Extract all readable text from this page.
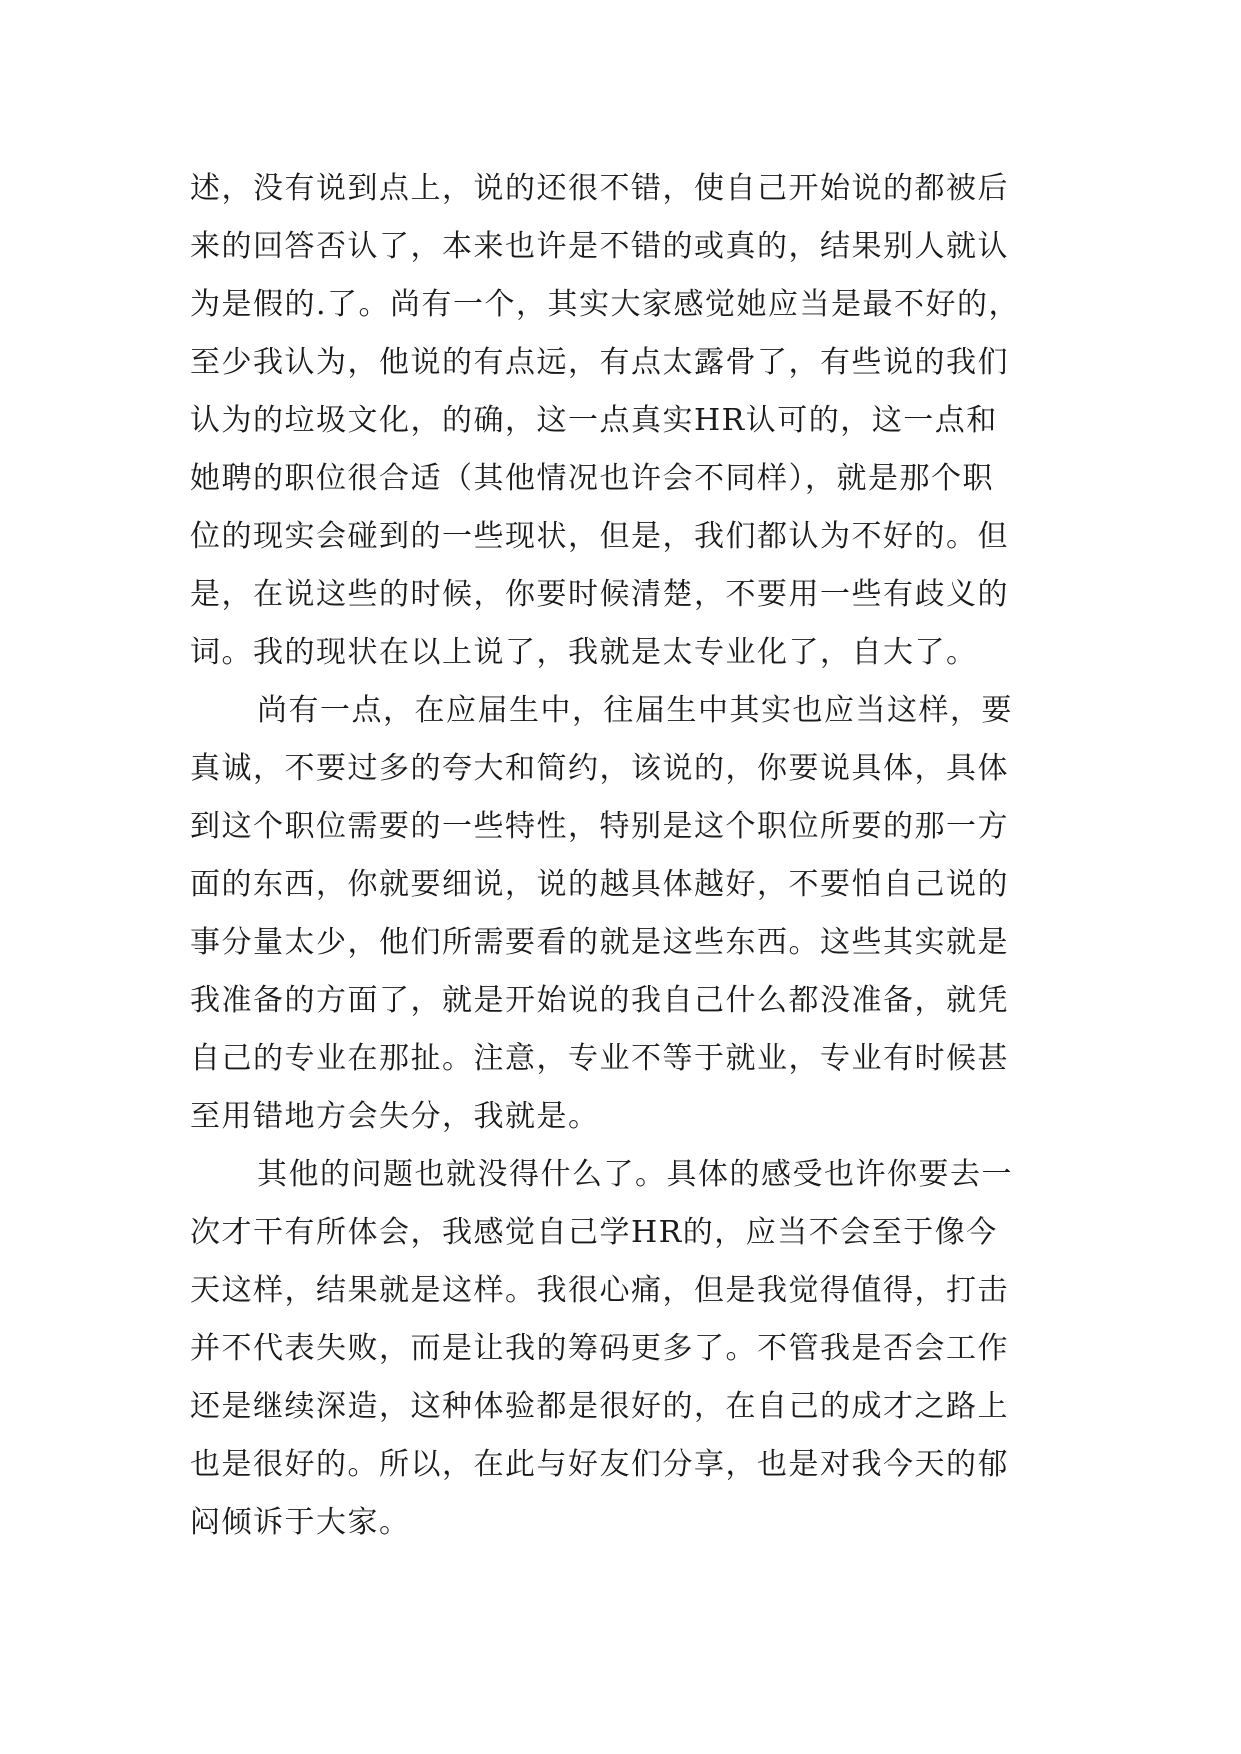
述，没有说到点上，说的还很不错，使自己开始说的都被后
来的回答否认了，本来也许是不错的或真的，结果别人就认
为是假的.了。尚有一个，其实大家感觉她应当是最不好的，
至少我认为，他说的有点远，有点太露骨了，有些说的我们
认为的垃圾文化，的确，这一点真实HR认可的，这一点和
她聘的职位很合适（其他情况也许会不同样），就是那个职
位的现实会碰到的一些现状，但是，我们都认为不好的。但
是，在说这些的时候，你要时候清楚，不要用一些有歧义的
词。我的现状在以上说了，我就是太专业化了，自大了。
尚有一点，在应届生中，往届生中其实也应当这样，要
真诚，不要过多的夸大和简约，该说的，你要说具体，具体
到这个职位需要的一些特性，特别是这个职位所要的那一方
面的东西，你就要细说，说的越具体越好，不要怕自己说的
事分量太少，他们所需要看的就是这些东西。这些其实就是
我准备的方面了，就是开始说的我自己什么都没准备，就凭
自己的专业在那扯。注意，专业不等于就业，专业有时候甚
至用错地方会失分，我就是。
其他的问题也就没得什么了。具体的感受也许你要去一
次才干有所体会，我感觉自己学HR的，应当不会至于像今
天这样，结果就是这样。我很心痛，但是我觉得值得，打击
并不代表失败，而是让我的筹码更多了。不管我是否会工作
还是继续深造，这种体验都是很好的，在自己的成才之路上
也是很好的。所以，在此与好友们分享，也是对我今天的郁
闷倾诉于大家。
